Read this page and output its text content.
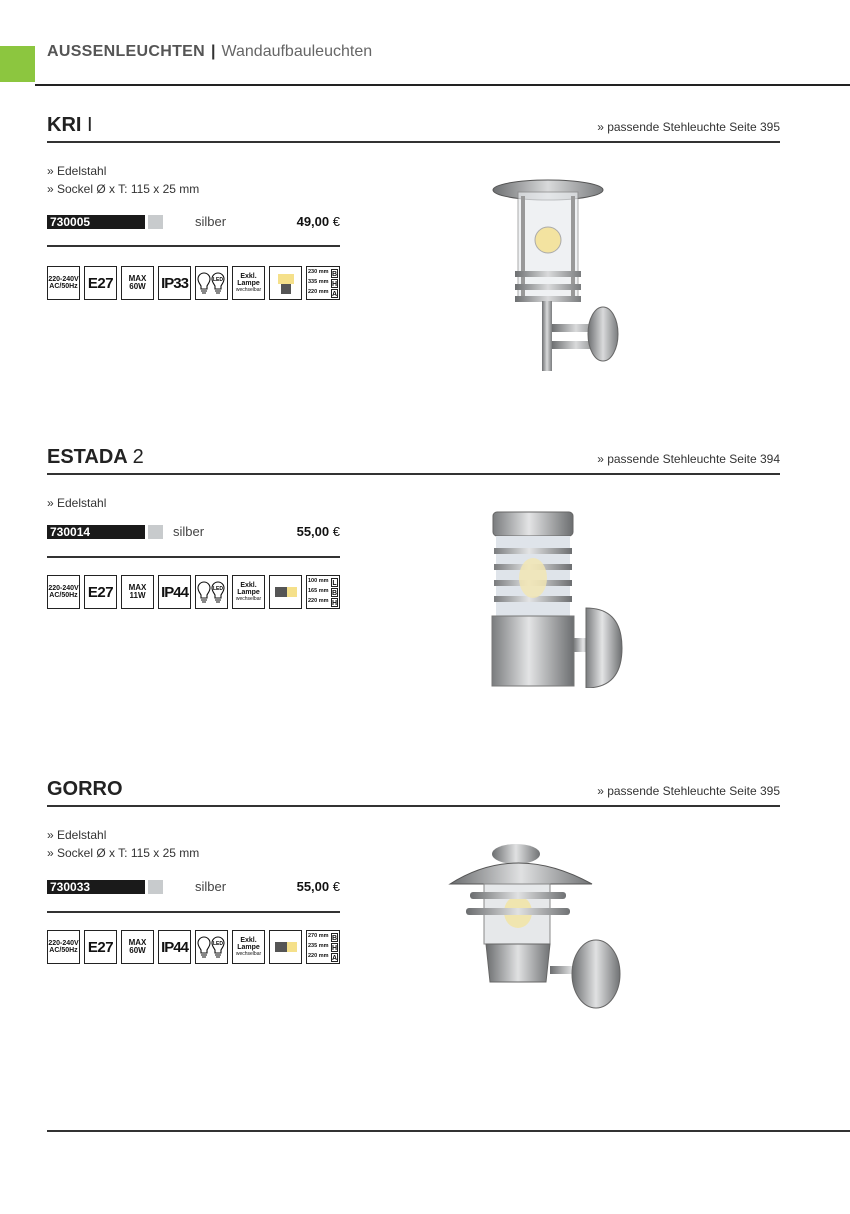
AUSSENLEUCHTEN | Wandaufbauleuchten
KRI I	» passende Stehleuchte Seite 395
» Edelstahl
» Sockel Ø x T: 115 x 25 mm
730005	silber	49,00 €
220-240V
AC/50Hz E27	MAX
60W IP33	LED Exkl.
Lampe
wechselbar
230 mm B
335 mm H
220 mm A
ESTADA 2	» passende Stehleuchte Seite 394
» Edelstahl
730014	silber	55,00 €
220-240V
AC/50Hz E27	MAX
11W IP44	LED Exkl.
Lampe
wechselbar
100 mm L
165 mm B
220 mm H
GORRO	» passende Stehleuchte Seite 395
» Edelstahl
» Sockel Ø x T: 115 x 25 mm
730033	silber	55,00 €
220-240V
AC/50Hz E27	MAX
60W IP44	LED Exkl.
Lampe
wechselbar
270 mm B
235 mm H
220 mm A
